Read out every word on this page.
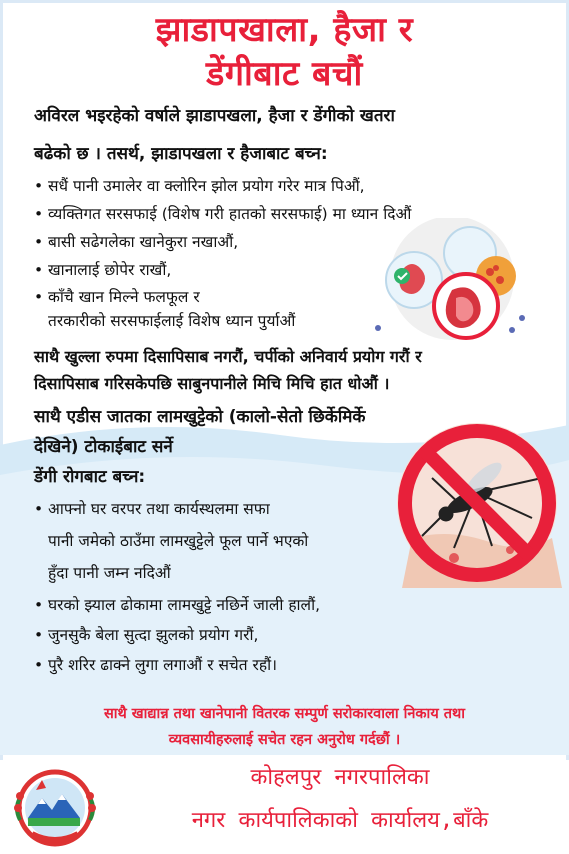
झाडापखाला, हैजा र
डेंगीबाट बचौं
अविरल भइरहेको वर्षाले झाडापखला, हैजा र डेंगीको खतरा
बढेको छ । तसर्थ, झाडापखला र हैजाबाट बच्न:
• सधैं पानी उमालेर वा क्लोरिन झोल प्रयोग गरेर मात्र पिऔं,
• व्यक्तिगत सरसफाई (विशेष गरी हातको सरसफाई) मा ध्यान दिऔं
• बासी सढेगलेका खानेकुरा नखाऔं,
• खानालाई छोपेर राखौं,
• काँचै खान मिल्ने फलफूल र
तरकारीको सरसफाईलाई विशेष ध्यान पुर्याऔं
साथै खुल्ला रुपमा दिसापिसाब नगरौं, चर्पीको अनिवार्य प्रयोग गरौं र
दिसापिसाब गरिसकेपछि साबुनपानीले मिचि मिचि हात धोऔं ।
साथै एडीस जातका लामखुट्टेको (कालो-सेतो छिर्केमिर्के
देखिने) टोकाईबाट सर्ने
डेंगी रोगबाट बच्न:
• आफ्नो घर वरपर तथा कार्यस्थलमा सफा
पानी जमेको ठाउँमा लामखुट्टेले फूल पार्ने भएको
हुँदा पानी जम्न नदिऔं
• घरको झ्याल ढोकामा लामखुट्टे नछिर्ने जाली हालौं,
• जुनसुकै बेला सुत्दा झुलको प्रयोग गरौं,
• पुरै शरिर ढाक्ने लुगा लगाऔं र सचेत रहौं।
साथै खाद्यान्न तथा खानेपानी वितरक सम्पुर्ण सरोकारवाला निकाय तथा
व्यवसायीहरुलाई सचेत रहन अनुरोध गर्दछौं ।
कोहलपुर नगरपालिका
नगर कार्यपालिकाको कार्यालय,बाँके
